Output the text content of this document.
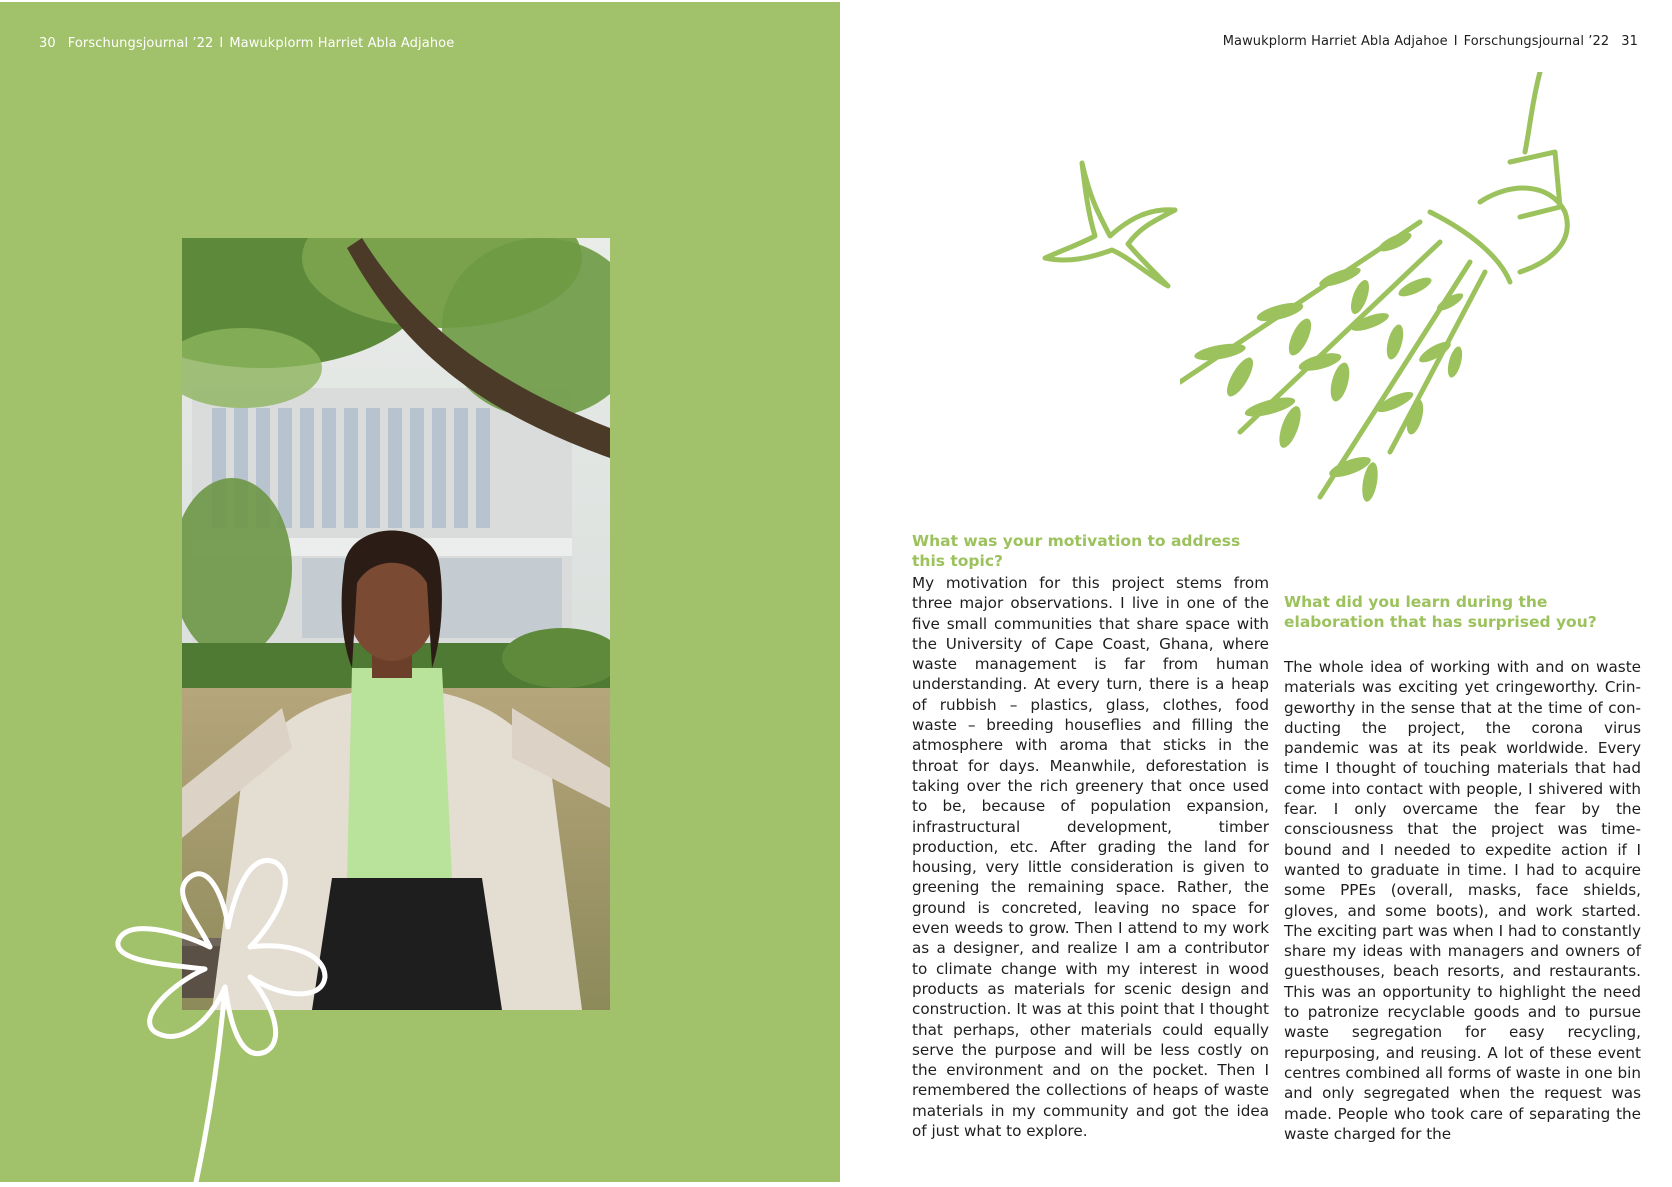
30 Forschungsjournal ’22 I Mawukplorm Harriet Abla Adjahoe	Mawukplorm Harriet Abla Adjahoe I Forschungsjournal ’22 31
What was your motivation to address this topic?

My motivation for this project stems from three major observations. I live in one of the five small communities that share space with the University of Cape Coast, Ghana, where waste management is far from human understanding. At every turn, there is a heap of rubbish – plastics, glass, clothes, food waste – breeding houseflies and filling the atmosphere with aroma that sticks in the throat for days. Meanwhile, deforestation is taking over the rich greenery that once used to be, because of population expansion, infrastructural development, timber production, etc. After grading the land for housing, very little consideration is given to greening the remaining space. Rather, the ground is concreted, leaving no space for even weeds to grow. Then I attend to my work as a designer, and realize I am a contributor to climate change with my interest in wood products as materials for scenic design and construction. It was at this point that I thought that perhaps, other materials could equally serve the purpose and will be less costly on the environment and on the pocket. Then I remembered the collections of heaps of waste materials in my community and got the idea of just what to explore.

What did you learn during the elaboration that has surprised you?

The whole idea of working with and on waste materials was exciting yet cringeworthy. Cringeworthy in the sense that at the time of conducting the project, the corona virus pandemic was at its peak worldwide. Every time I thought of touching materials that had come into contact with people, I shivered with fear. I only overcame the fear by the consciousness that the project was time-bound and I needed to expedite action if I wanted to graduate in time. I had to acquire some PPEs (overall, masks, face shields, gloves, and some boots), and work started. The exciting part was when I had to constantly share my ideas with managers and owners of guesthouses, beach resorts, and restaurants. This was an opportunity to highlight the need to patronize recyclable goods and to pursue waste segregation for easy recycling, repurposing, and reusing. A lot of these event centres combined all forms of waste in one bin and only segregated when the request was made. People who took care of separating the waste charged for the
